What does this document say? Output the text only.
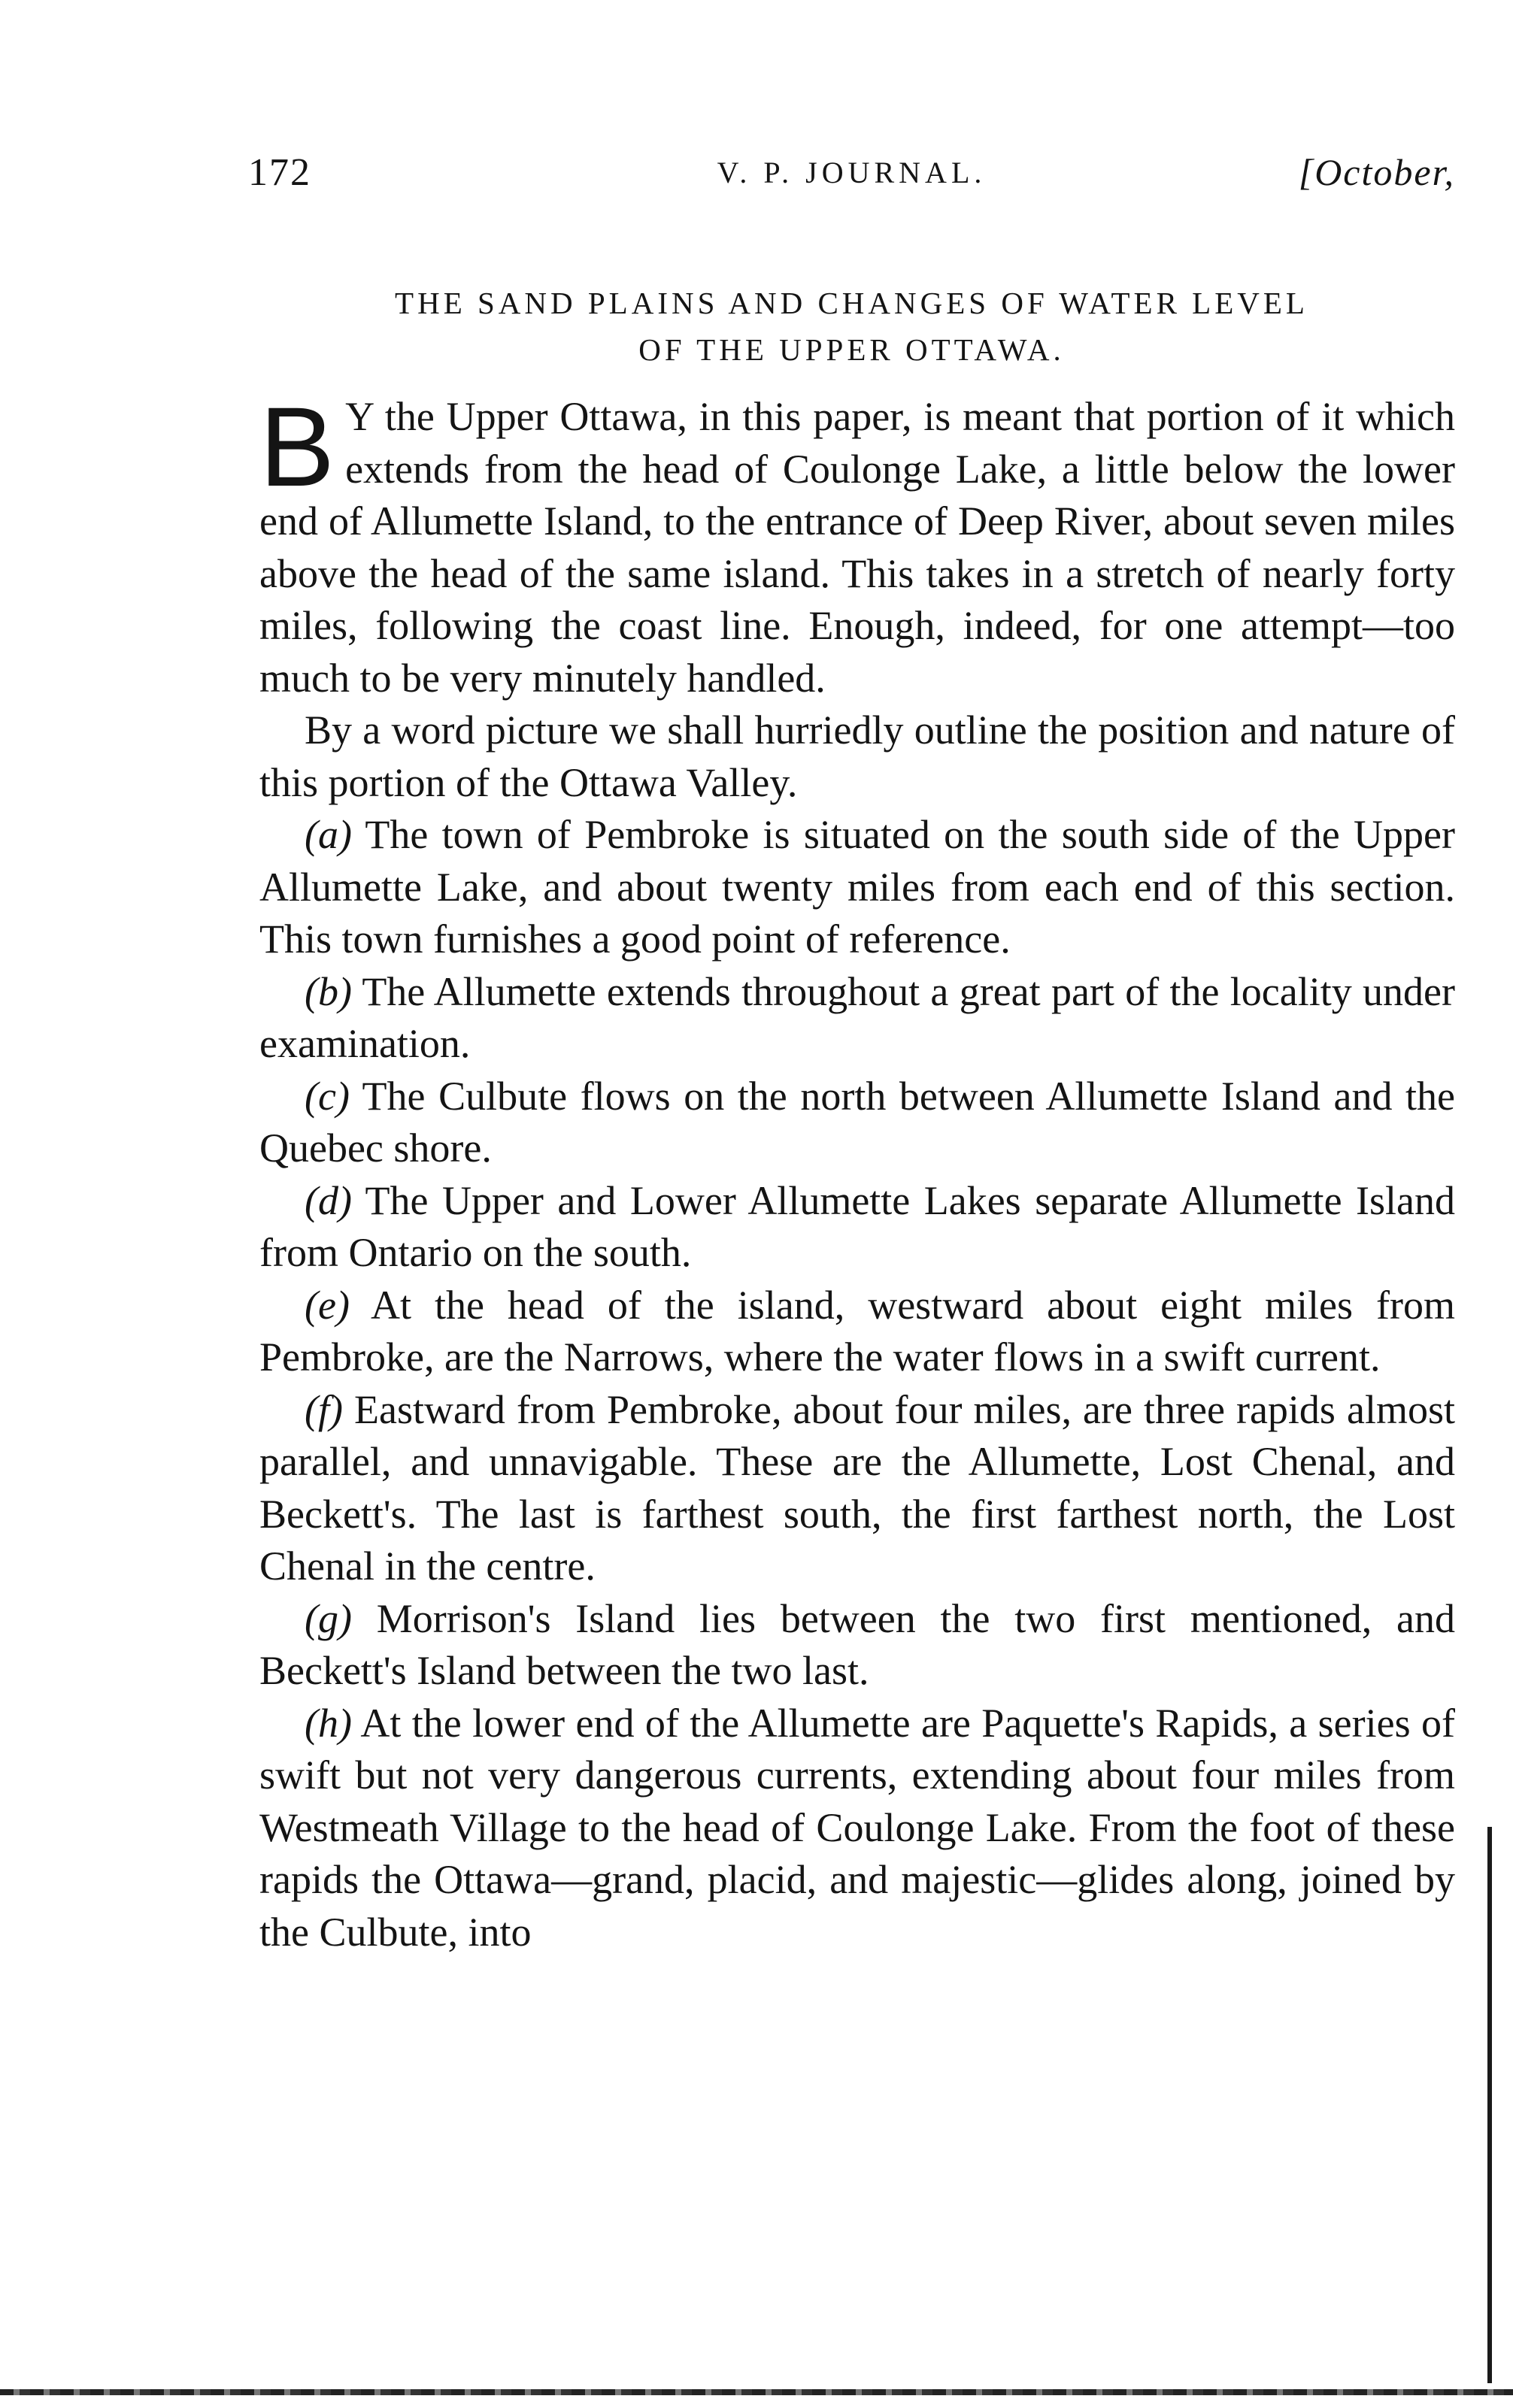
172	V. P. JOURNAL.	[October,
THE SAND PLAINS AND CHANGES OF WATER LEVEL
OF THE UPPER OTTAWA.

B Y the Upper Ottawa, in this paper, is meant that portion of it which extends from the head of Coulonge Lake, a little below the lower end of Allumette Island, to the entrance of Deep River, about seven miles above the head of the same island. This takes in a stretch of nearly forty miles, following the coast line. Enough, indeed, for one attempt—too much to be very minutely handled.

By a word picture we shall hurriedly outline the position and nature of this portion of the Ottawa Valley.

(a) The town of Pembroke is situated on the south side of the Upper Allumette Lake, and about twenty miles from each end of this section. This town furnishes a good point of reference.

(b) The Allumette extends throughout a great part of the locality under examination.

(c) The Culbute flows on the north between Allumette Island and the Quebec shore.

(d) The Upper and Lower Allumette Lakes separate Allumette Island from Ontario on the south.

(e) At the head of the island, westward about eight miles from Pembroke, are the Narrows, where the water flows in a swift current.

(f) Eastward from Pembroke, about four miles, are three rapids almost parallel, and unnavigable. These are the Allumette, Lost Chenal, and Beckett's. The last is farthest south, the first farthest north, the Lost Chenal in the centre.

(g) Morrison's Island lies between the two first mentioned, and Beckett's Island between the two last.

(h) At the lower end of the Allumette are Paquette's Rapids, a series of swift but not very dangerous currents, extending about four miles from Westmeath Village to the head of Coulonge Lake. From the foot of these rapids the Ottawa—grand, placid, and majestic—glides along, joined by the Culbute, into
